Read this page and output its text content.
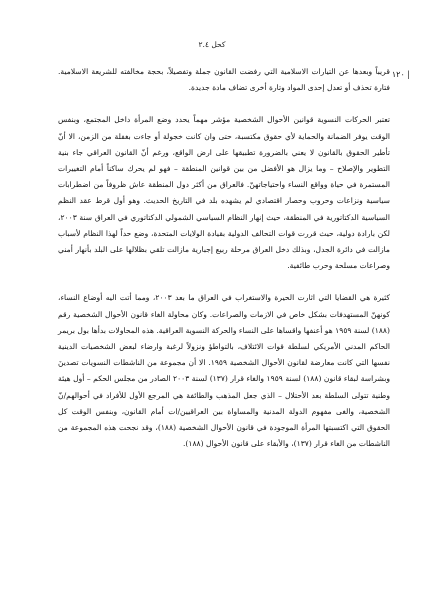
كحل ٢.٤
| ١٢٠

قريباً وبعدها عن التيارات الاسلامية التي رفضت القانون جملة وتفصيلاً، بحجة مخالفته للشريعة الاسلامية. فتارة تحذف أو تعدل إحدى المواد وتارة أخرى تضاف مادة جديدة.

تعتبر الحركات النسوية قوانين الأحوال الشخصية مؤشر مهماً يحدد وضع المرأة داخل المجتمع، وبنفس الوقت يوفر الضمانة والحماية لأي حقوق مكتسبة، حتى وان كانت خجولة أو جاءت بغفلة من الزمن، الا أنّ تأطير الحقوق بالقانون لا يعني بالضرورة تطبيقها على ارض الواقع، ورغم أنّ القانون العراقي جاء بنية التطوير والإصلاح – وما يزال هو الأفضل من بين قوانين المنطقة – فهو لم يحرك ساكناً أمام التغييرات المستمرة في حياة وواقع النساء واحتياجاتهنّ. فالعراق من أكثر دول المنطقة عاش ظروفاً من اضطرابات سياسية ونزاعات وحروب وحصار اقتصادي لم يشهده بلد في التاريخ الحديث. وهو أول قرط عقد النظم السياسية الدكتاتورية في المنطقة، حيث إنهار النظام السياسي الشمولي الدكتاتوري في العراق سنة ٢٠٠٣، لكن بارادة دولية، حيث قررت قوات التحالف الدولية بقيادة الولايات المتحدة، وضع حداً لهذا النظام لأسباب مازالت في دائرة الجدل، وبذلك دخل العراق مرحلة ربيع إجبارية مازالت تلقي بظلالها على البلد بأنهار أمني وصراعات مسلحة وحرب طائفية.

كثيرة هي القضايا التي اثارت الحيرة والاستغراب في العراق ما بعد ٢٠٠٣، ومما أتت اليه أوضاع النساء، كونهنّ المستهدفات بشكل خاص في الازمات والصراعات. وكان محاولة الغاء قانون الأحوال الشخصية رقم (١٨٨) لسنة ١٩٥٩ هو أعنفها واقساها على النساء والحركة النسوية العراقية. هذه المحاولات بدأها بول بريمر الحاكم المدني الأمريكي لسلطة قوات الائتلاف، بالتواطؤ ونزولاً لرغبة وارضاء لبعض الشخصيات الدينية نفسها التي كانت معارضة لقانون الأحوال الشخصية ١٩٥٩. الا أن مجموعة من الناشطات النسويات تصدينَ وبشراسة لبقاء قانون (١٨٨) لسنة ١٩٥٩ والغاء قرار (١٣٧) لسنة ٢٠٠٣ الصادر من مجلس الحكم – أول هيئة وطنية تتولى السلطة بعد الأحتلال – الذي جعل المذهب والطائفة هي المرجع الأول للأفراد في أحوالهم/نّ الشخصية، والغى مفهوم الدولة المدنية والمساواة بين العراقيين/ات أمام القانون، وبنفس الوقت كل الحقوق التي اكتسبتها المرأة الموجودة في قانون الأحوال الشخصية (١٨٨)، وقد نجحت هذه المجموعة من الناشطات من الغاء قرار (١٣٧)، والأبقاء على قانون الأحوال (١٨٨).
